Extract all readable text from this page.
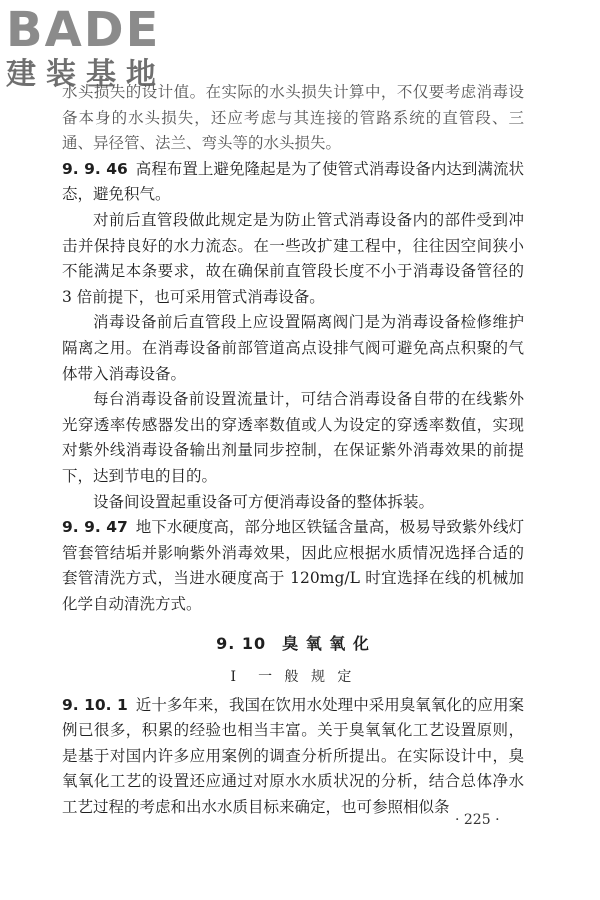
BADE
建装基地

水头损失的设计值。在实际的水头损失计算中，不仅要考虑消毒设备本身的水头损失，还应考虑与其连接的管路系统的直管段、三通、异径管、法兰、弯头等的水头损失。

9. 9. 46 高程布置上避免隆起是为了使管式消毒设备内达到满流状态，避免积气。

对前后直管段做此规定是为防止管式消毒设备内的部件受到冲击并保持良好的水力流态。在一些改扩建工程中，往往因空间狭小不能满足本条要求，故在确保前直管段长度不小于消毒设备管径的 3 倍前提下，也可采用管式消毒设备。

消毒设备前后直管段上应设置隔离阀门是为消毒设备检修维护隔离之用。在消毒设备前部管道高点设排气阀可避免高点积聚的气体带入消毒设备。

每台消毒设备前设置流量计，可结合消毒设备自带的在线紫外光穿透率传感器发出的穿透率数值或人为设定的穿透率数值，实现对紫外线消毒设备输出剂量同步控制，在保证紫外消毒效果的前提下，达到节电的目的。

设备间设置起重设备可方便消毒设备的整体拆装。

9. 9. 47 地下水硬度高，部分地区铁锰含量高，极易导致紫外线灯管套管结垢并影响紫外消毒效果，因此应根据水质情况选择合适的套管清洗方式，当进水硬度高于 120mg/L 时宜选择在线的机械加化学自动清洗方式。

9. 10 臭 氧 氧 化
Ⅰ　一 般 规 定

9. 10. 1 近十多年来，我国在饮用水处理中采用臭氧氧化的应用案例已很多，积累的经验也相当丰富。关于臭氧氧化工艺设置原则，是基于对国内许多应用案例的调查分析所提出。在实际设计中，臭氧氧化工艺的设置还应通过对原水水质状况的分析，结合总体净水工艺过程的考虑和出水水质目标来确定，也可参照相似条

· 225 ·
